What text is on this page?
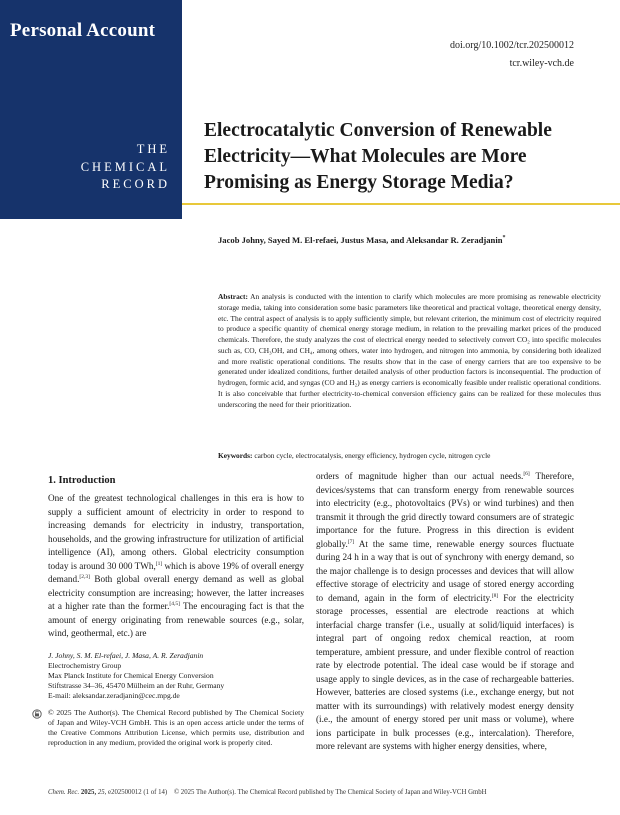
Personal Account
THE
CHEMICAL
RECORD
doi.org/10.1002/tcr.202500012
tcr.wiley-vch.de
Electrocatalytic Conversion of Renewable Electricity—What Molecules are More Promising as Energy Storage Media?
Jacob Johny, Sayed M. El-refaei, Justus Masa, and Aleksandar R. Zeradjanin*
Abstract: An analysis is conducted with the intention to clarify which molecules are more promising as renewable electricity storage media, taking into consideration some basic parameters like theoretical and practical voltage, theoretical energy density, etc. The central aspect of analysis is to apply sufficiently simple, but relevant criterion, the minimum cost of electricity required to produce a specific quantity of chemical energy storage medium, in relation to the prevailing market prices of the produced chemicals. Therefore, the study analyzes the cost of electrical energy needed to selectively convert CO₂ into specific molecules such as, CO, CH₃OH, and CH₄, among others, water into hydrogen, and nitrogen into ammonia, by considering both idealized and more realistic operational conditions. The results show that in the case of energy carriers that are too expensive to be generated under idealized conditions, further detailed analysis of other production factors is inconsequential. The production of hydrogen, formic acid, and syngas (CO and H₂) as energy carriers is economically feasible under realistic operational conditions. It is also conceivable that further electricity-to-chemical conversion efficiency gains can be realized for these molecules thus underscoring the need for their prioritization.
Keywords: carbon cycle, electrocatalysis, energy efficiency, hydrogen cycle, nitrogen cycle
1. Introduction

One of the greatest technological challenges in this era is how to supply a sufficient amount of electricity in order to respond to increasing demands for electricity in industry, transportation, households, and the growing infrastructure for utilization of artificial intelligence (AI), among others. Global electricity consumption today is around 30 000 TWh,[1] which is above 19% of overall energy demand.[2,3] Both global overall energy demand as well as global electricity consumption are increasing; however, the latter increases at a higher rate than the former.[4,5] The encouraging fact is that the amount of energy originating from renewable sources (e.g., solar, wind, geothermal, etc.) are

orders of magnitude higher than our actual needs.[6] Therefore, devices/systems that can transform energy from renewable sources into electricity (e.g., photovoltaics (PVs) or wind turbines) and then transmit it through the grid directly toward consumers are of strategic importance for the future. Progress in this direction is evident globally.[7] At the same time, renewable energy sources fluctuate during 24 h in a way that is out of synchrony with energy demand, so the major challenge is to design processes and devices that will allow effective storage of electricity and usage of stored energy according to demand, again in the form of electricity.[8] For the electricity storage processes, essential are electrode reactions at which interfacial charge transfer (i.e., usually at solid/liquid interfaces) is integral part of ongoing redox chemical reaction, at room temperature, ambient pressure, and under flexible control of reaction rate by electrode potential. The ideal case would be if storage and usage apply to single devices, as in the case of rechargeable batteries. However, batteries are closed systems (i.e., exchange energy, but not matter with its surroundings) with relatively modest energy density (i.e., the amount of energy stored per unit mass or volume), where ions participate in bulk processes (e.g., intercalation). Therefore, more relevant are systems with higher energy densities, where,

J. Johny, S. M. El-refaei, J. Masa, A. R. Zeradjanin
Electrochemistry Group
Max Planck Institute for Chemical Energy Conversion
Stiftstrasse 34–36, 45470 Mülheim an der Ruhr, Germany
E-mail: aleksandar.zeradjanin@cec.mpg.de
© 2025 The Author(s). The Chemical Record published by The Chemical Society of Japan and Wiley-VCH GmbH. This is an open access article under the terms of the Creative Commons Attribution License, which permits use, distribution and reproduction in any medium, provided the original work is properly cited.
Chem. Rec. 2025, 25, e202500012 (1 of 14) © 2025 The Author(s). The Chemical Record published by The Chemical Society of Japan and Wiley-VCH GmbH
